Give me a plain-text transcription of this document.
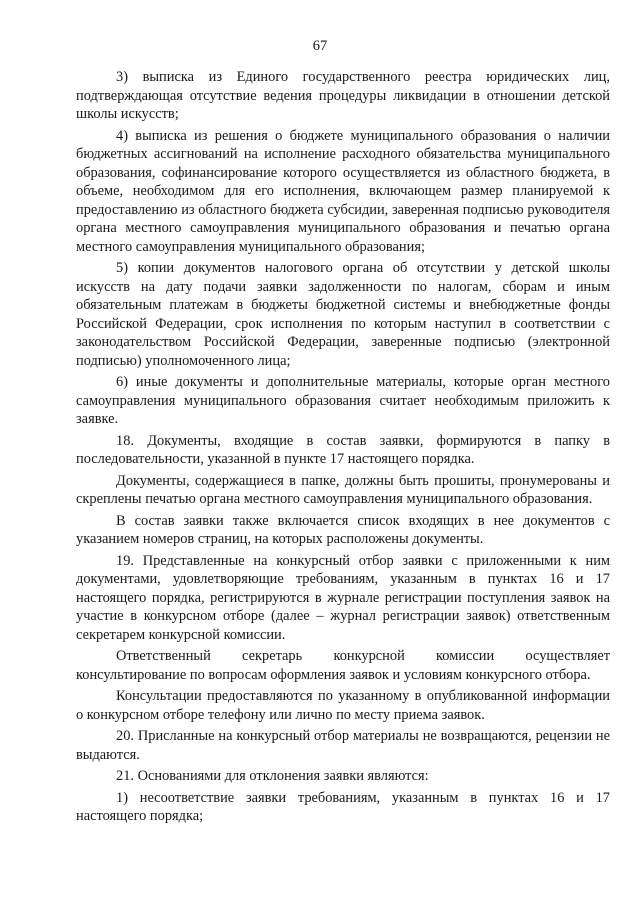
67

3) выписка из Единого государственного реестра юридических лиц, подтверждающая отсутствие ведения процедуры ликвидации в отношении детской школы искусств;

4) выписка из решения о бюджете муниципального образования о наличии бюджетных ассигнований на исполнение расходного обязательства муниципального образования, софинансирование которого осуществляется из областного бюджета, в объеме, необходимом для его исполнения, включающем размер планируемой к предоставлению из областного бюджета субсидии, заверенная подписью руководителя органа местного самоуправления муниципального образования и печатью органа местного самоуправления муниципального образования;

5) копии документов налогового органа об отсутствии у детской школы искусств на дату подачи заявки задолженности по налогам, сборам и иным обязательным платежам в бюджеты бюджетной системы и внебюджетные фонды Российской Федерации, срок исполнения по которым наступил в соответствии с законодательством Российской Федерации, заверенные подписью (электронной подписью) уполномоченного лица;

6) иные документы и дополнительные материалы, которые орган местного самоуправления муниципального образования считает необходимым приложить к заявке.

18. Документы, входящие в состав заявки, формируются в папку в последовательности, указанной в пункте 17 настоящего порядка.

Документы, содержащиеся в папке, должны быть прошиты, пронумерованы и скреплены печатью органа местного самоуправления муниципального образования.

В состав заявки также включается список входящих в нее документов с указанием номеров страниц, на которых расположены документы.

19. Представленные на конкурсный отбор заявки с приложенными к ним документами, удовлетворяющие требованиям, указанным в пунктах 16 и 17 настоящего порядка, регистрируются в журнале регистрации поступления заявок на участие в конкурсном отборе (далее – журнал регистрации заявок) ответственным секретарем конкурсной комиссии.

Ответственный секретарь конкурсной комиссии осуществляет консультирование по вопросам оформления заявок и условиям конкурсного отбора.

Консультации предоставляются по указанному в опубликованной информации о конкурсном отборе телефону или лично по месту приема заявок.

20. Присланные на конкурсный отбор материалы не возвращаются, рецензии не выдаются.

21. Основаниями для отклонения заявки являются:

1) несоответствие заявки требованиям, указанным в пунктах 16 и 17 настоящего порядка;
